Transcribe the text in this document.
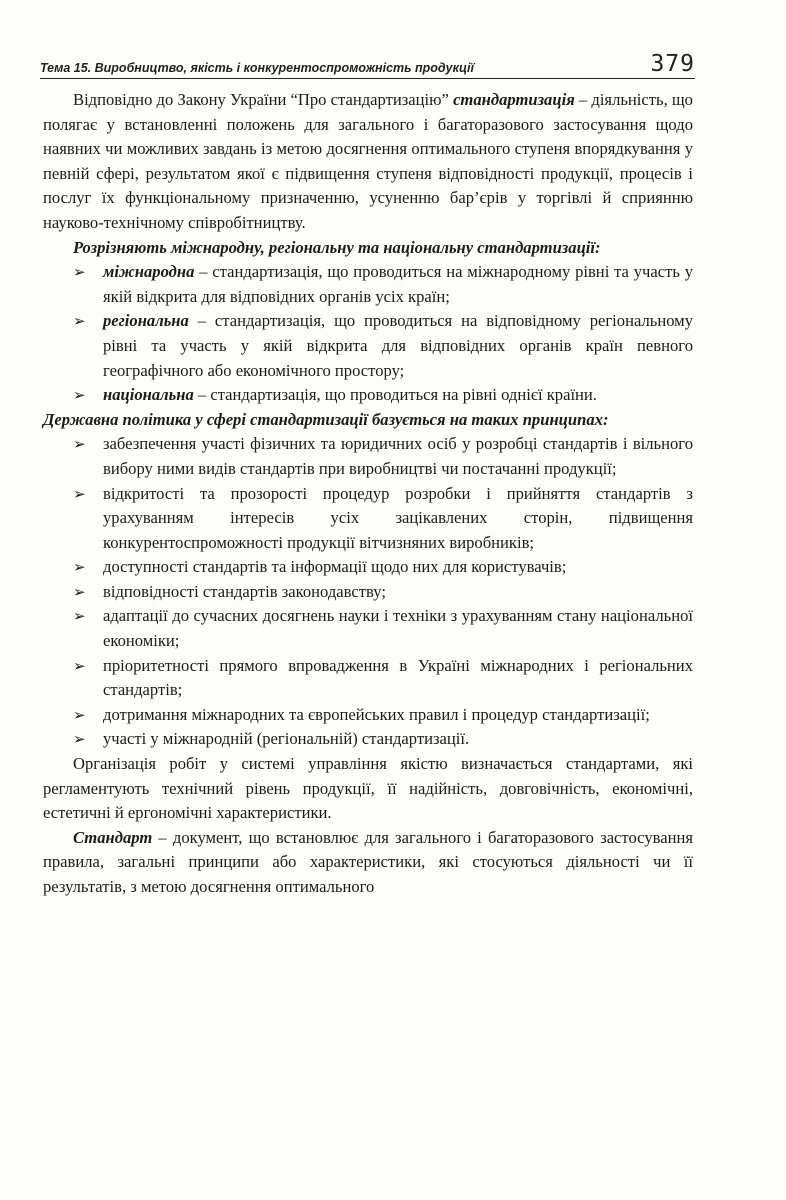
Тема 15. Виробництво, якість і конкурентоспроможність продукції	379

Відповідно до Закону України “Про стандартизацію” стандартизація – діяльність, що полягає у встановленні положень для загального і багаторазового застосування щодо наявних чи можливих завдань із метою досягнення оптимального ступеня впорядкування у певній сфері, результатом якої є підвищення ступеня відповідності продукції, процесів і послуг їх функціональному призначенню, усуненню бар’єрів у торгівлі й сприянню науково-технічному співробітництву.

Розрізняють міжнародну, регіональну та національну стандартизації:

➢ міжнародна – стандартизація, що проводиться на міжнародному рівні та участь у якій відкрита для відповідних органів усіх країн;
➢ регіональна – стандартизація, що проводиться на відповідному регіональному рівні та участь у якій відкрита для відповідних органів країн певного географічного або економічного простору;
➢ національна – стандартизація, що проводиться на рівні однієї країни.

Державна політика у сфері стандартизації базується на таких принципах:

➢ забезпечення участі фізичних та юридичних осіб у розробці стандартів і вільного вибору ними видів стандартів при виробництві чи постачанні продукції;
➢ відкритості та прозорості процедур розробки і прийняття стандартів з урахуванням інтересів усіх зацікавлених сторін, підвищення конкурентоспроможності продукції вітчизняних виробників;
➢ доступності стандартів та інформації щодо них для користувачів;
➢ відповідності стандартів законодавству;
➢ адаптації до сучасних досягнень науки і техніки з урахуванням стану національної економіки;
➢ пріоритетності прямого впровадження в Україні міжнародних і регіональних стандартів;
➢ дотримання міжнародних та європейських правил і процедур стандартизації;
➢ участі у міжнародній (регіональній) стандартизації.

Організація робіт у системі управління якістю визначається стандартами, які регламентують технічний рівень продукції, її надійність, довговічність, економічні, естетичні й ергономічні характеристики.

Стандарт – документ, що встановлює для загального і багаторазового застосування правила, загальні принципи або характеристики, які стосуються діяльності чи її результатів, з метою досягнення оптимального
